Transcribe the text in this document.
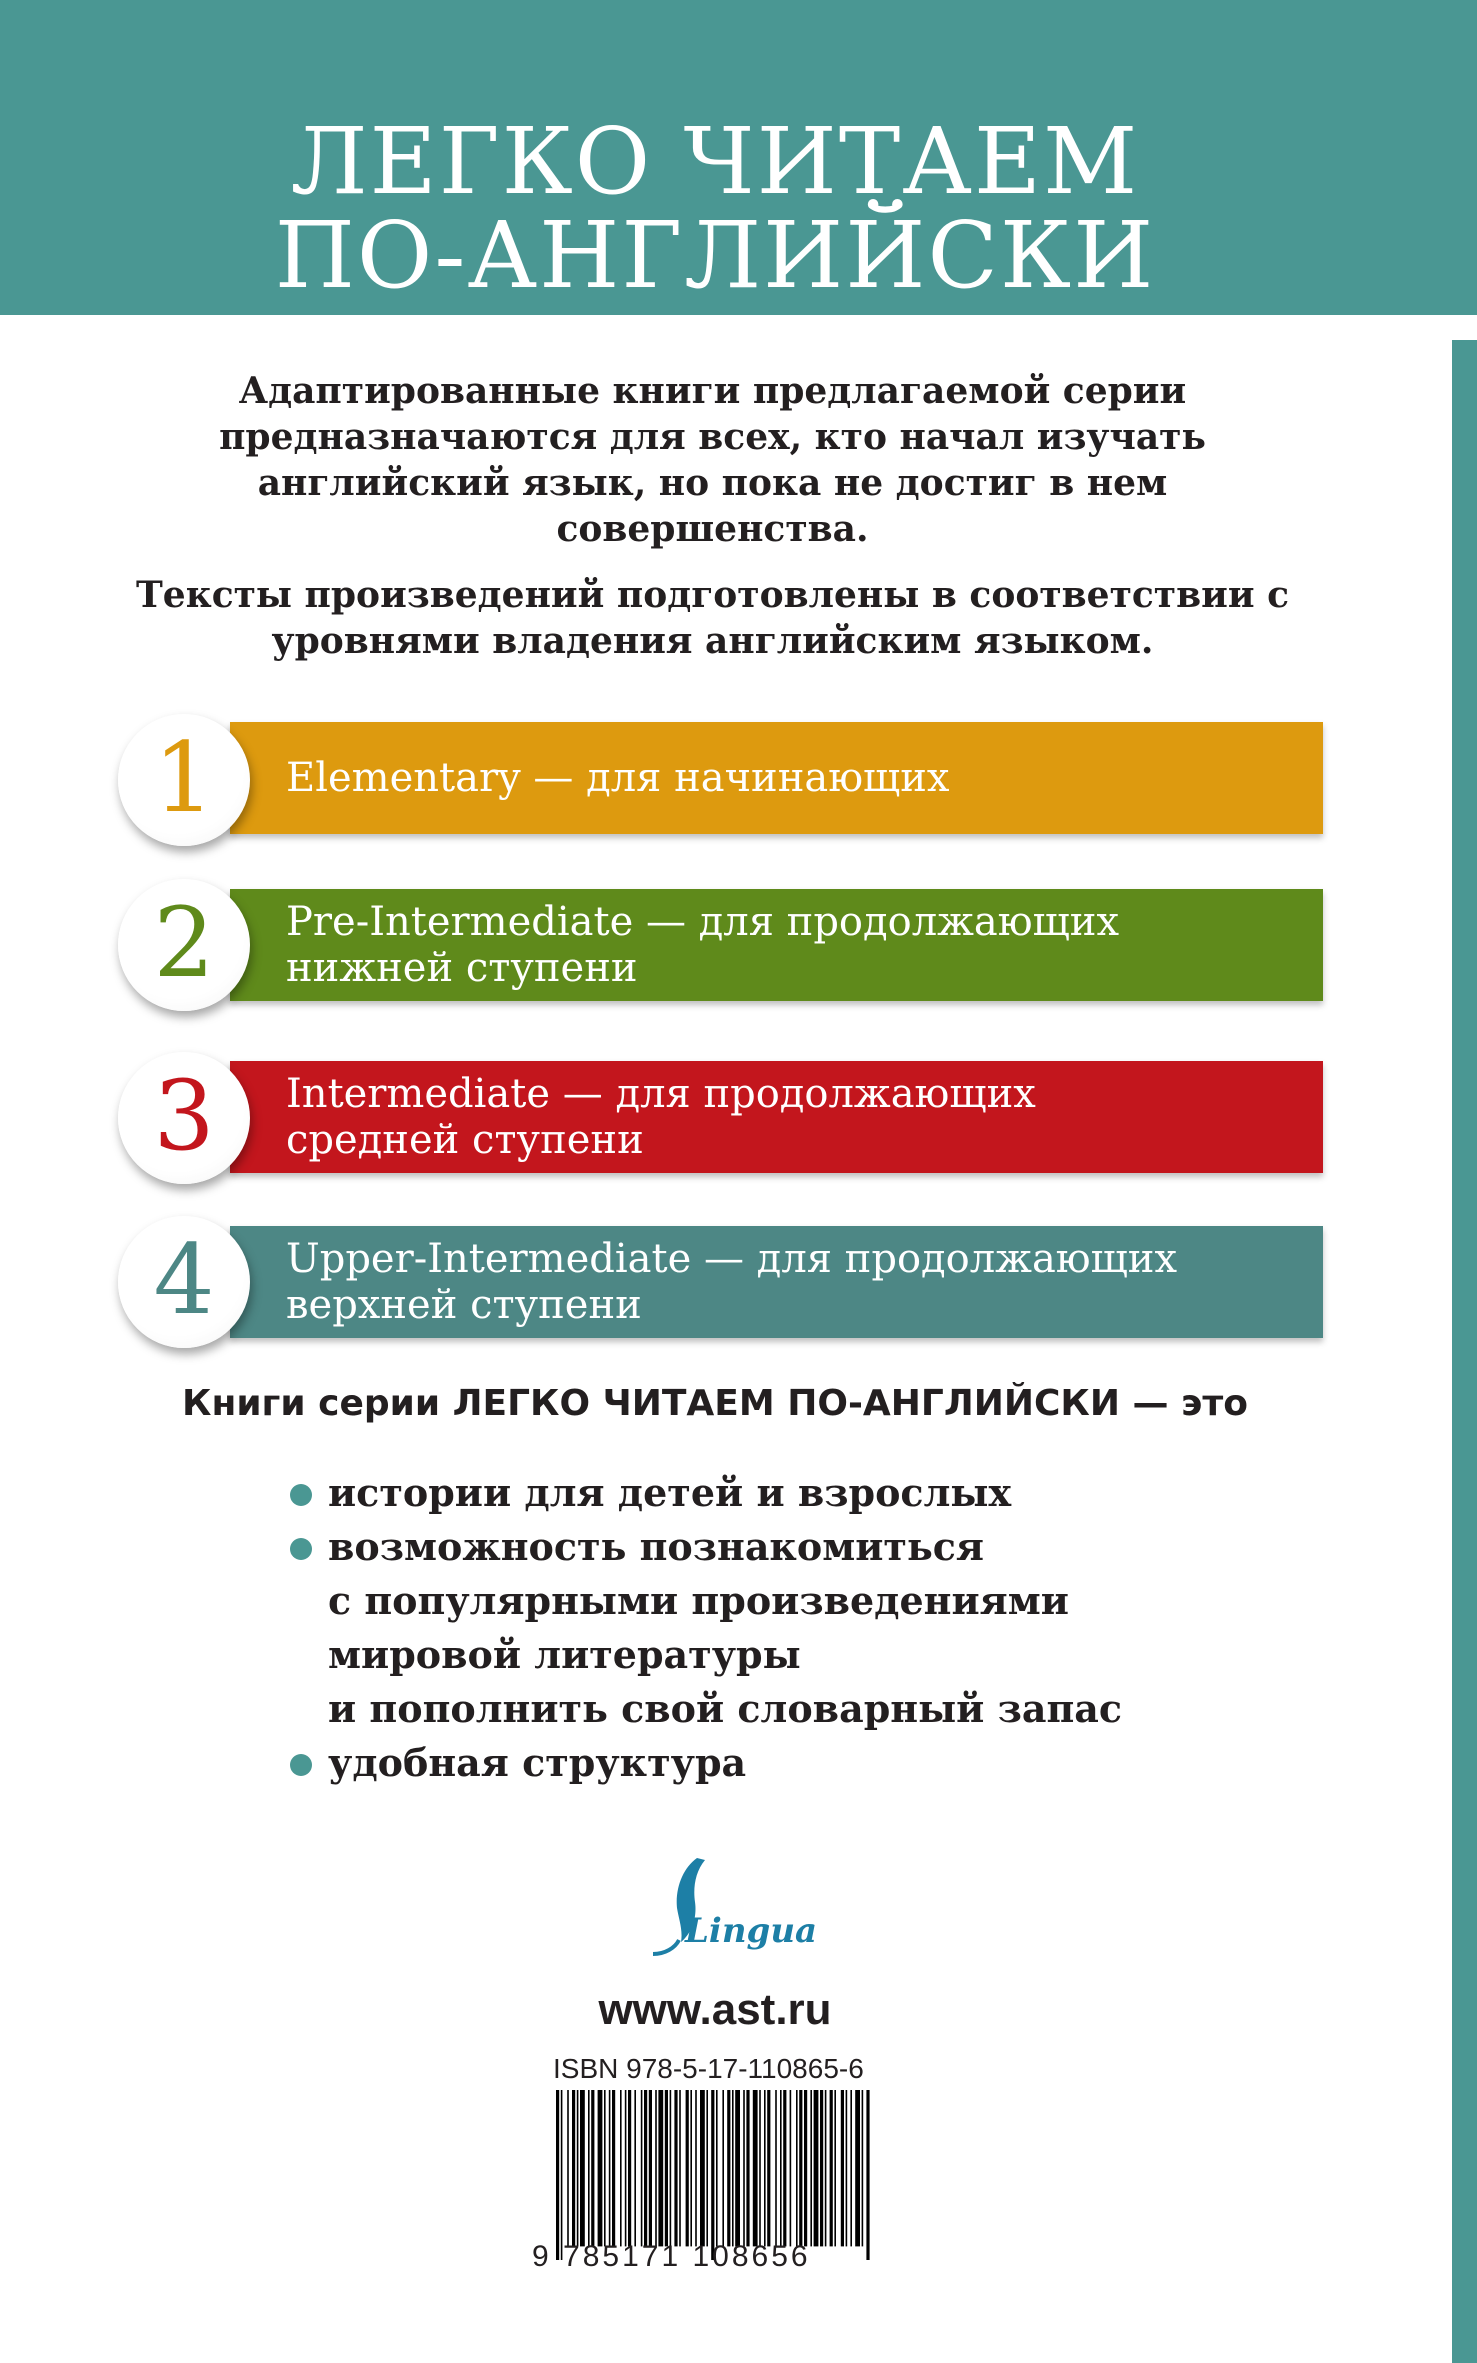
ЛЕГКО ЧИТАЕМ
ПО-АНГЛИЙСКИ

Адаптированные книги предлагаемой серии предназначаются для всех, кто начал изучать английский язык, но пока не достиг в нем совершенства.

Тексты произведений подготовлены в соответствии с уровнями владения английским языком.

Elementary — для начинающих
1
Pre-Intermediate — для продолжающих
нижней ступени
2
Intermediate — для продолжающих
средней ступени
3
Upper-Intermediate — для продолжающих
верхней ступени
4
Книги серии ЛЕГКО ЧИТАЕМ ПО-АНГЛИЙСКИ — это
истории для детей и взрослых
возможность познакомиться
с популярными произведениями
мировой литературы
и пополнить свой словарный запас
удобная структура
Lingua
www.ast.ru
ISBN 978-5-17-110865-6
9 785171 108656
